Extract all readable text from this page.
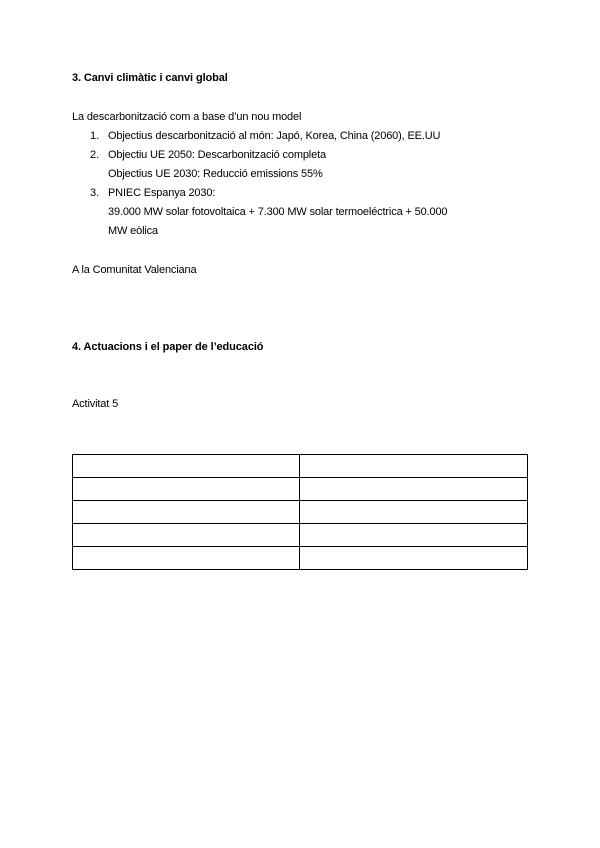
3. Canvi climàtic i canvi global
La descarbonització com a base d’un nou model
1. Objectius descarbonització al món: Japó, Korea, China (2060), EE.UU
2. Objectiu UE 2050: Descarbonització completa
Objectius UE 2030: Reducció emissions 55%
3. PNIEC Espanya 2030:
39.000 MW solar fotovoltaica + 7.300 MW solar termoeléctrica + 50.000
MW eòlica
A la Comunitat Valenciana
4. Actuacions i el paper de l’educació
Activitat 5
